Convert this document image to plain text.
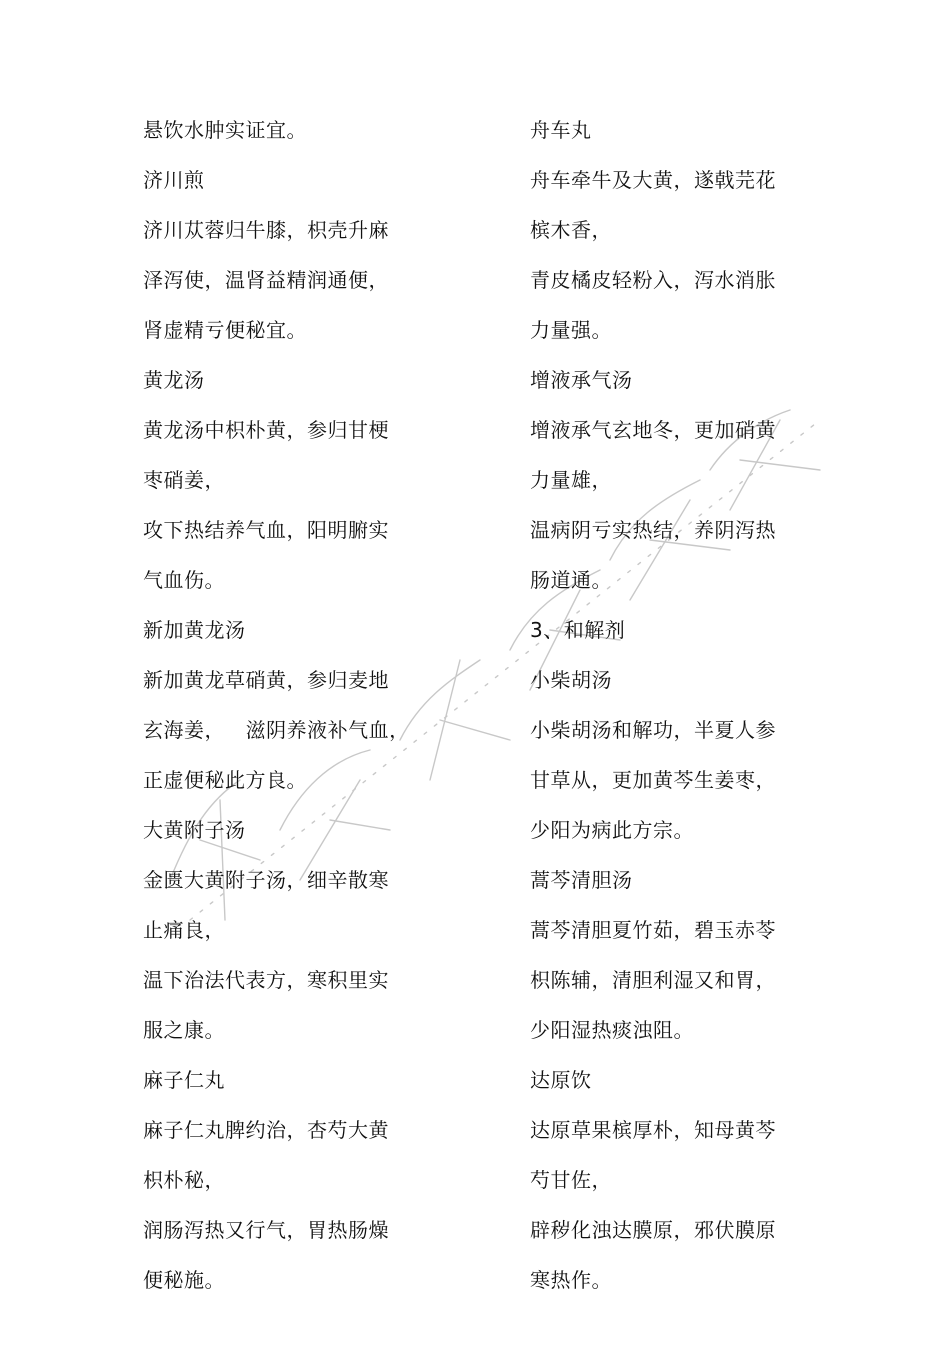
悬饮水肿实证宜。
济川煎
济川苁蓉归牛膝，枳壳升麻
泽泻使，温肾益精润通便，
肾虚精亏便秘宜。
黄龙汤
黄龙汤中枳朴黄，参归甘梗
枣硝姜，
攻下热结养气血，阳明腑实
气血伤。
新加黄龙汤
新加黄龙草硝黄，参归麦地
玄海姜，   滋阴养液补气血，
正虚便秘此方良。
大黄附子汤
金匮大黄附子汤，细辛散寒
止痛良，
温下治法代表方，寒积里实
服之康。
麻子仁丸
麻子仁丸脾约治，杏芍大黄
枳朴秘，
润肠泻热又行气，胃热肠燥
便秘施。
舟车丸
舟车牵牛及大黄，遂戟芫花
槟木香，
青皮橘皮轻粉入，泻水消胀
力量强。
增液承气汤
增液承气玄地冬，更加硝黄
力量雄，
温病阴亏实热结，养阴泻热
肠道通。
3、和解剂
小柴胡汤
小柴胡汤和解功，半夏人参
甘草从，更加黄芩生姜枣，
少阳为病此方宗。
蒿芩清胆汤
蒿芩清胆夏竹茹，碧玉赤苓
枳陈辅，清胆利湿又和胃，
少阳湿热痰浊阻。
达原饮
达原草果槟厚朴，知母黄芩
芍甘佐，
辟秽化浊达膜原，邪伏膜原
寒热作。
